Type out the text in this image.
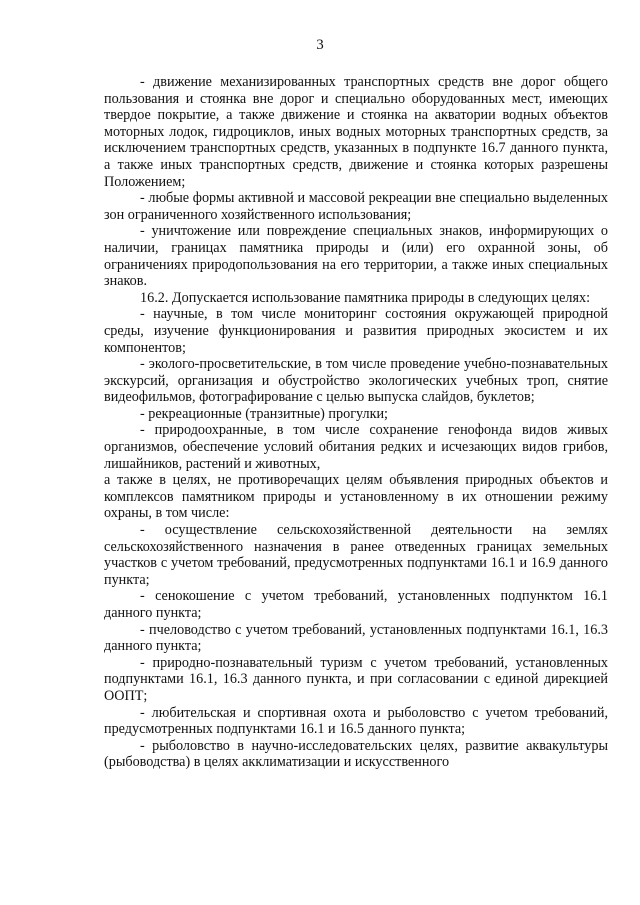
3

- движение механизированных транспортных средств вне дорог общего пользования и стоянка вне дорог и специально оборудованных мест, имеющих твердое покрытие, а также движение и стоянка на акватории водных объектов моторных лодок, гидроциклов, иных водных моторных транспортных средств, за исключением транспортных средств, указанных в подпункте 16.7 данного пункта, а также иных транспортных средств, движение и стоянка которых разрешены Положением;

- любые формы активной и массовой рекреации вне специально выделенных зон ограниченного хозяйственного использования;

- уничтожение или повреждение специальных знаков, информирующих о наличии, границах памятника природы и (или) его охранной зоны, об ограничениях природопользования на его территории, а также иных специальных знаков.

16.2. Допускается использование памятника природы в следующих целях:

- научные, в том числе мониторинг состояния окружающей природной среды, изучение функционирования и развития природных экосистем и их компонентов;

- эколого-просветительские, в том числе проведение учебно-познавательных экскурсий, организация и обустройство экологических учебных троп, снятие видеофильмов, фотографирование с целью выпуска слайдов, буклетов;

- рекреационные (транзитные) прогулки;

- природоохранные, в том числе сохранение генофонда видов живых организмов, обеспечение условий обитания редких и исчезающих видов грибов, лишайников, растений и животных,

а также в целях, не противоречащих целям объявления природных объектов и комплексов памятником природы и установленному в их отношении режиму охраны, в том числе:

- осуществление сельскохозяйственной деятельности на землях сельскохозяйственного назначения в ранее отведенных границах земельных участков с учетом требований, предусмотренных подпунктами 16.1 и 16.9 данного пункта;

- сенокошение с учетом требований, установленных подпунктом 16.1 данного пункта;

- пчеловодство с учетом требований, установленных подпунктами 16.1, 16.3 данного пункта;

- природно-познавательный туризм с учетом требований, установленных подпунктами 16.1, 16.3 данного пункта, и при согласовании с единой дирекцией ООПТ;

- любительская и спортивная охота и рыболовство с учетом требований, предусмотренных подпунктами 16.1 и 16.5 данного пункта;

- рыболовство в научно-исследовательских целях, развитие аквакультуры (рыбоводства) в целях акклиматизации и искусственного
